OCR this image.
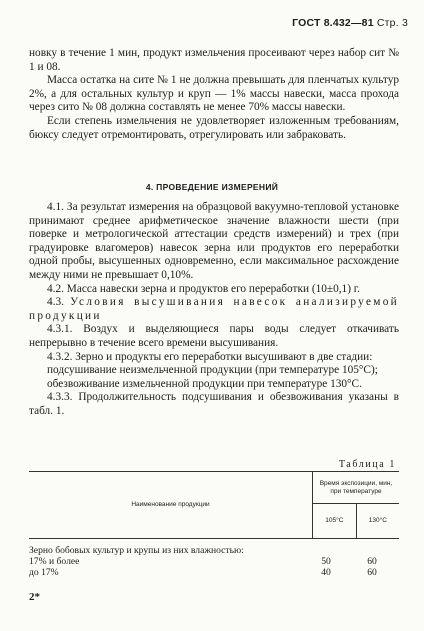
ГОСТ 8.432—81 Стр. 3

новку в течение 1 мин, продукт измельчения просеивают через набор сит № 1 и 08.

Масса остатка на сите № 1 не должна превышать для пленчатых культур 2%, а для остальных культур и круп — 1% массы навески, масса прохода через сито № 08 должна составлять не менее 70% массы навески.

Если степень измельчения не удовлетворяет изложенным требованиям, бюксу следует отремонтировать, отрегулировать или забраковать.

4. ПРОВЕДЕНИЕ ИЗМЕРЕНИЙ

4.1. За результат измерения на образцовой вакуумно-тепловой установке принимают среднее арифметическое значение влажности шести (при поверке и метрологической аттестации средств измерений) и трех (при градуировке влагомеров) навесок зерна или продуктов его переработки одной пробы, высушенных одновременно, если максимальное расхождение между ними не превышает 0,10%.

4.2. Масса навески зерна и продуктов его переработки (10±0,1) г.

4.3. Условия высушивания навесок анализируемой продукции

4.3.1. Воздух и выделяющиеся пары воды следует откачивать непрерывно в течение всего времени высушивания.

4.3.2. Зерно и продукты его переработки высушивают в две стадии:

подсушивание неизмельченной продукции (при температуре 105°C);

обезвоживание измельченной продукции при температуре 130°C.

4.3.3. Продолжительность подсушивания и обезвоживания указаны в табл. 1.

Таблица 1
Наименование продукции	Время экспозиции, мин, при температуре	
	105°C	130°C
Зерно бобовых культур и крупы из них влажностью:
17% и более	50	60
до 17%	40	60
2*
